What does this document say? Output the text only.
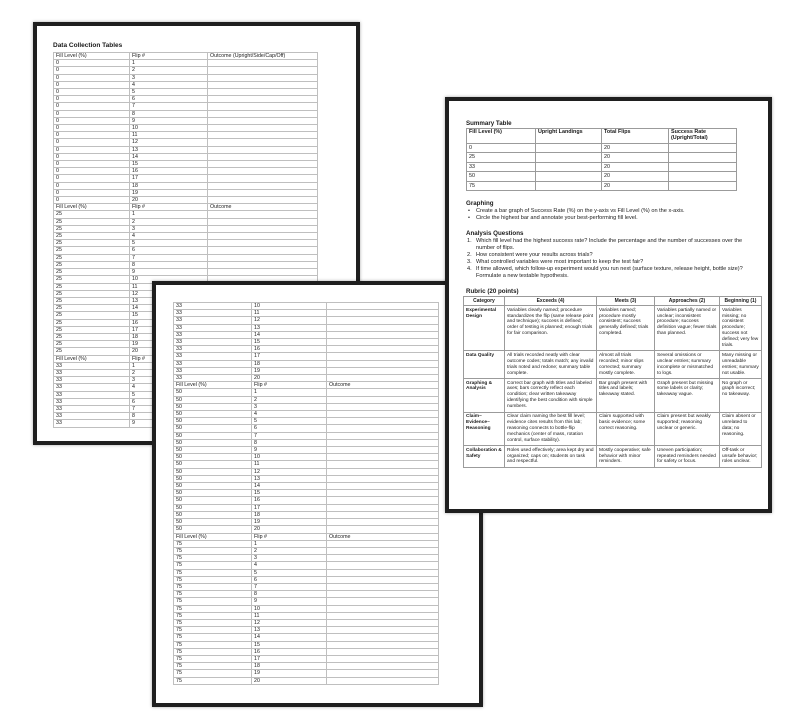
Data Collection Tables
Fill Level (%)	Flip #	Outcome (Upright/Side/Cap/Off)
0	1	
0	2	
0	3	
0	4	
0	5	
0	6	
0	7	
0	8	
0	9	
0	10	
0	11	
0	12	
0	13	
0	14	
0	15	
0	16	
0	17	
0	18	
0	19	
0	20	
Fill Level (%)	Flip #	Outcome
25	1	
25	2	
25	3	
25	4	
25	5	
25	6	
25	7	
25	8	
25	9	
25	10	
25	11	
25	12	
25	13	
25	14	
25	15	
25	16	
25	17	
25	18	
25	19	
25	20	
Fill Level (%)	Flip #	
33	1	
33	2	
33	3	
33	4	
33	5	
33	6	
33	7	
33	8	
33	9	
33	10	
33	11	
33	12	
33	13	
33	14	
33	15	
33	16	
33	17	
33	18	
33	19	
33	20	
Fill Level (%)	Flip #	Outcome
50	1	
50	2	
50	3	
50	4	
50	5	
50	6	
50	7	
50	8	
50	9	
50	10	
50	11	
50	12	
50	13	
50	14	
50	15	
50	16	
50	17	
50	18	
50	19	
50	20	
Fill Level (%)	Flip #	Outcome
75	1	
75	2	
75	3	
75	4	
75	5	
75	6	
75	7	
75	8	
75	9	
75	10	
75	11	
75	12	
75	13	
75	14	
75	15	
75	16	
75	17	
75	18	
75	19	
75	20	
Summary Table
Fill Level (%)	Upright Landings	Total Flips	Success Rate (Upright/Total)
0		20	
25		20	
33		20	
50		20	
75		20	
Graphing
• Create a bar graph of Success Rate (%) on the y-axis vs Fill Level (%) on the x-axis.
• Circle the highest bar and annotate your best-performing fill level.
Analysis Questions
Which fill level had the highest success rate? Include the percentage and the number of successes over the number of flips.
How consistent were your results across trials?
What controlled variables were most important to keep the test fair?
If time allowed, which follow-up experiment would you run next (surface texture, release height, bottle size)? Formulate a new testable hypothesis.
Rubric (20 points)
Category	Exceeds (4)	Meets (3)	Approaches (2)	Beginning (1)
Experimental Design	Variables clearly named; procedure standardizes the flip (same release point and technique); success is defined; order of testing is planned; enough trials for fair comparison.	Variables named; procedure mostly consistent; success generally defined; trials completed.	Variables partially named or unclear; inconsistent procedure; success definition vague; fewer trials than planned.	Variables missing; no consistent procedure; success not defined; very few trials.
Data Quality	All trials recorded neatly with clear outcome codes; totals match; any invalid trials noted and redone; summary table complete.	Almost all trials recorded; minor slips corrected; summary mostly complete.	Several omissions or unclear entries; summary incomplete or mismatched to logs.	Many missing or unreadable entries; summary not usable.
Graphing & Analysis	Correct bar graph with titles and labeled axes; bars correctly reflect each condition; clear written takeaway identifying the best condition with simple numbers.	Bar graph present with titles and labels; takeaway stated.	Graph present but missing some labels or clarity; takeaway vague.	No graph or graph incorrect; no takeaway.
Claim–Evidence–Reasoning	Clear claim naming the best fill level; evidence cites results from this lab; reasoning connects to bottle-flip mechanics (center of mass, rotation control, surface stability).	Claim supported with basic evidence; some correct reasoning.	Claim present but weakly supported; reasoning unclear or generic.	Claim absent or unrelated to data; no reasoning.
Collaboration & Safety	Roles used effectively; area kept dry and organized; caps on; students on task and respectful.	Mostly cooperative; safe behavior with minor reminders.	Uneven participation; repeated reminders needed for safety or focus.	Off-task or unsafe behavior; roles unclear.
